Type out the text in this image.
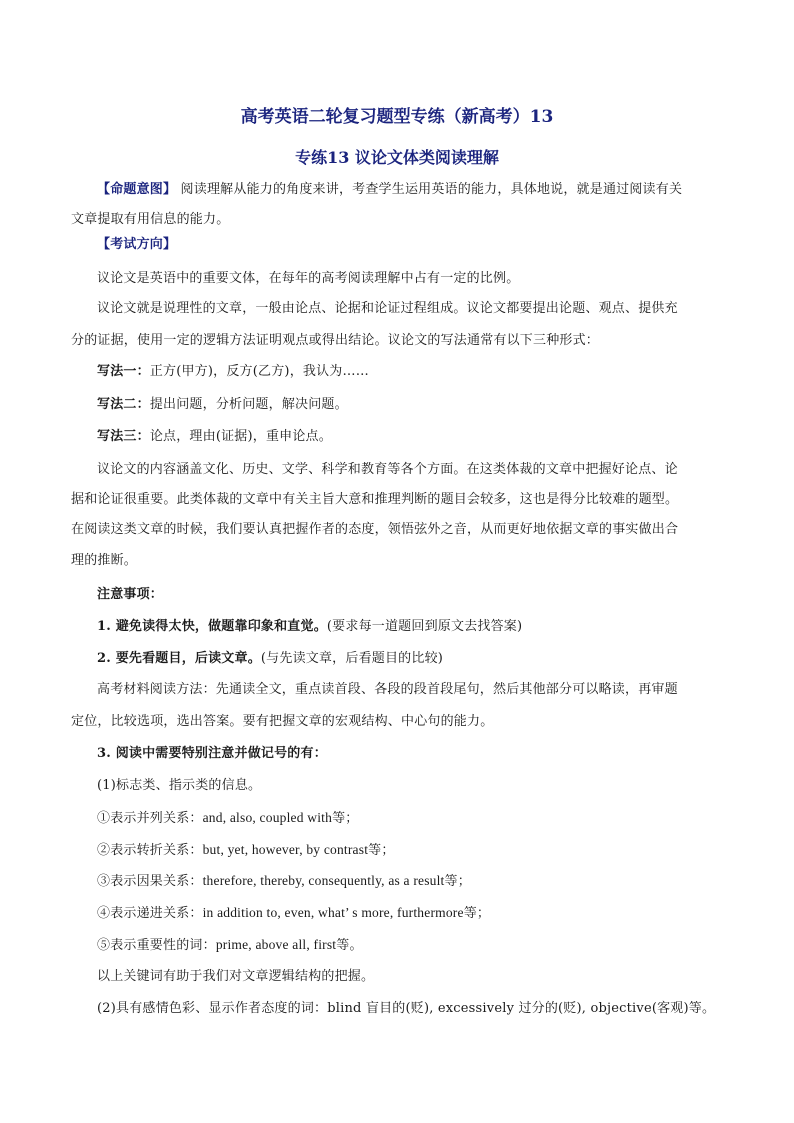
高考英语二轮复习题型专练（新高考）13
专练13 议论文体类阅读理解
【命题意图】 阅读理解从能力的角度来讲，考查学生运用英语的能力，具体地说，就是通过阅读有关
文章提取有用信息的能力。
【考试方向】
议论文是英语中的重要文体，在每年的高考阅读理解中占有一定的比例。
议论文就是说理性的文章，一般由论点、论据和论证过程组成。议论文都要提出论题、观点、提供充
分的证据，使用一定的逻辑方法证明观点或得出结论。议论文的写法通常有以下三种形式：
写法一：正方(甲方)，反方(乙方)，我认为……
写法二：提出问题，分析问题，解决问题。
写法三：论点，理由(证据)，重申论点。
议论文的内容涵盖文化、历史、文学、科学和教育等各个方面。在这类体裁的文章中把握好论点、论
据和论证很重要。此类体裁的文章中有关主旨大意和推理判断的题目会较多，这也是得分比较难的题型。
在阅读这类文章的时候，我们要认真把握作者的态度，领悟弦外之音，从而更好地依据文章的事实做出合
理的推断。
注意事项：
1. 避免读得太快，做题靠印象和直觉。(要求每一道题回到原文去找答案)
2. 要先看题目，后读文章。(与先读文章，后看题目的比较)
高考材料阅读方法：先通读全文，重点读首段、各段的段首段尾句，然后其他部分可以略读，再审题
定位，比较选项，选出答案。要有把握文章的宏观结构、中心句的能力。
3. 阅读中需要特别注意并做记号的有：
(1)标志类、指示类的信息。
①表示并列关系：and, also, coupled with等；
②表示转折关系：but, yet, however, by contrast等；
③表示因果关系：therefore, thereby, consequently, as a result等；
④表示递进关系：in addition to, even, what’ s more, furthermore等；
⑤表示重要性的词：prime, above all, first等。
以上关键词有助于我们对文章逻辑结构的把握。
(2)具有感情色彩、显示作者态度的词：blind 盲目的(贬), excessively 过分的(贬), objective(客观)等。
